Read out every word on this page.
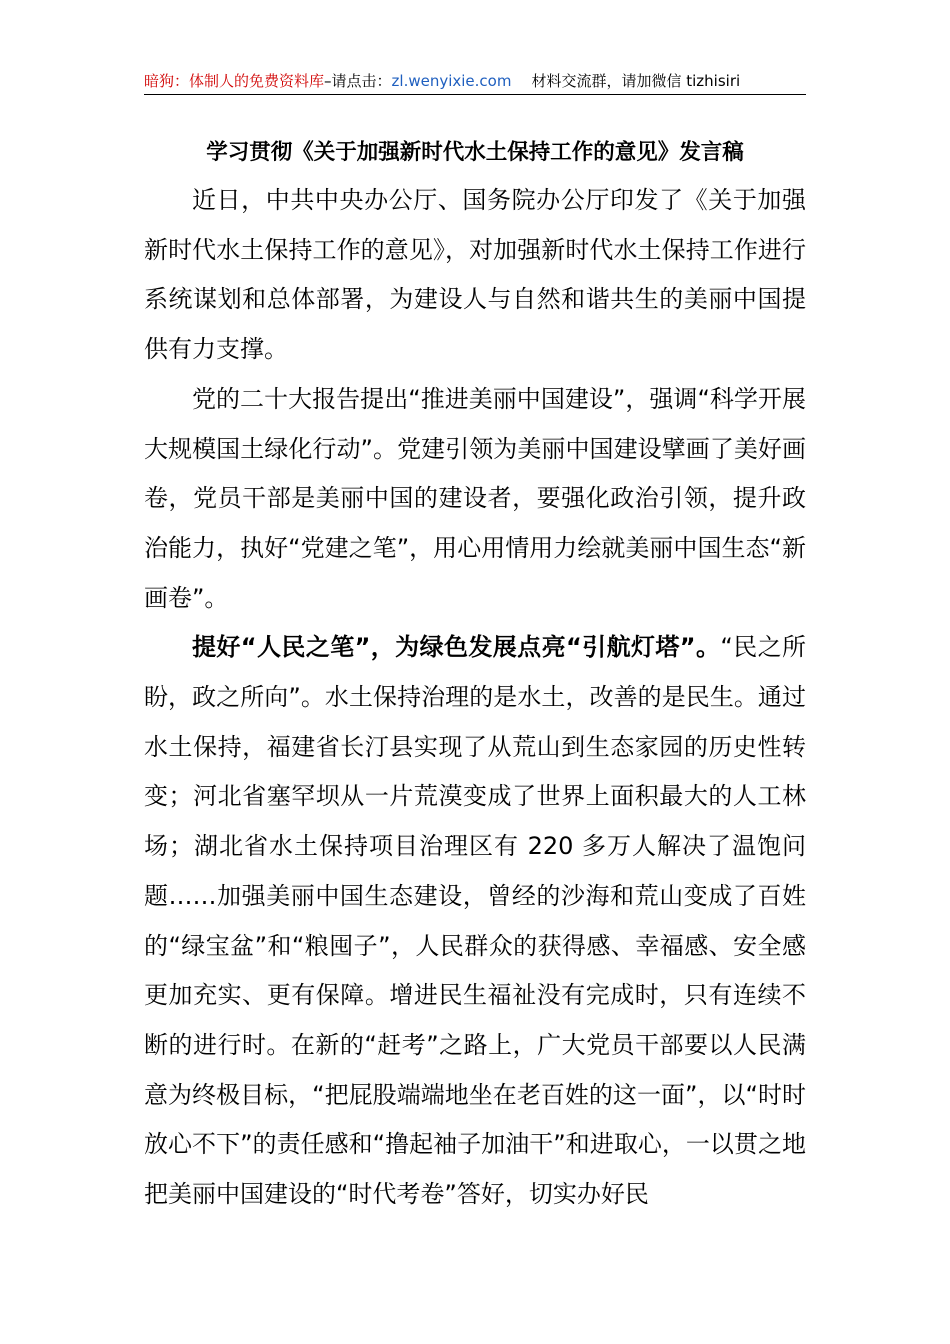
暗狗：体制人的免费资料库–请点击：zl.wenyixie.com 材料交流群，请加微信 tizhisiri
学习贯彻《关于加强新时代水土保持工作的意见》发言稿

近日，中共中央办公厅、国务院办公厅印发了《关于加强新时代水土保持工作的意见》，对加强新时代水土保持工作进行系统谋划和总体部署，为建设人与自然和谐共生的美丽中国提供有力支撑。

党的二十大报告提出“推进美丽中国建设”，强调“科学开展大规模国土绿化行动”。党建引领为美丽中国建设擘画了美好画卷，党员干部是美丽中国的建设者，要强化政治引领，提升政治能力，执好“党建之笔”，用心用情用力绘就美丽中国生态“新画卷”。

提好“人民之笔”，为绿色发展点亮“引航灯塔”。“民之所盼，政之所向”。水土保持治理的是水土，改善的是民生。通过水土保持，福建省长汀县实现了从荒山到生态家园的历史性转变；河北省塞罕坝从一片荒漠变成了世界上面积最大的人工林场；湖北省水土保持项目治理区有 220 多万人解决了温饱问题……加强美丽中国生态建设，曾经的沙海和荒山变成了百姓的“绿宝盆”和“粮囤子”，人民群众的获得感、幸福感、安全感更加充实、更有保障。增进民生福祉没有完成时，只有连续不断的进行时。在新的“赶考”之路上，广大党员干部要以人民满意为终极目标，“把屁股端端地坐在老百姓的这一面”，以“时时放心不下”的责任感和“撸起袖子加油干”和进取心，一以贯之地把美丽中国建设的“时代考卷”答好，切实办好民
